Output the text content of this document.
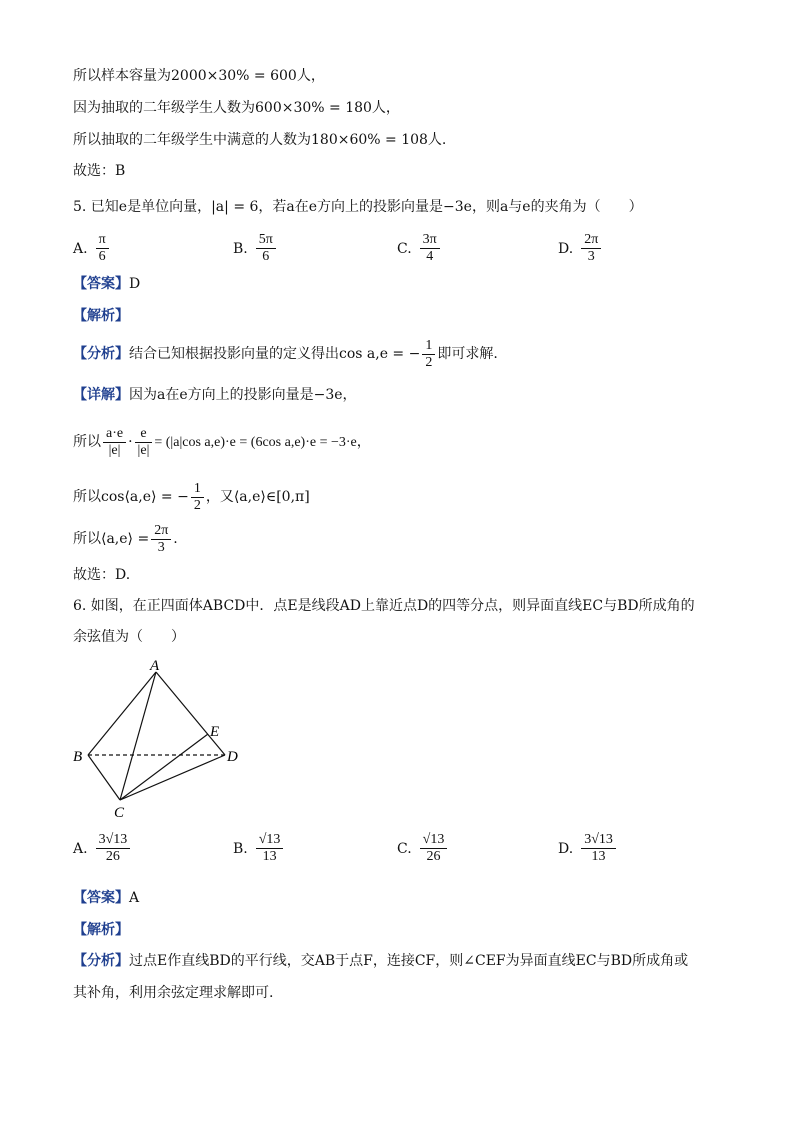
所以样本容量为2000×30% = 600人，
因为抽取的二年级学生人数为600×30% = 180人，
所以抽取的二年级学生中满意的人数为180×60% = 108人.
故选：B
5. 已知e是单位向量，|a| = 6，若a在e方向上的投影向量是−3e，则a与e的夹角为（　　）
A. $\frac{\pi}{6}$	B. $\frac{5\pi}{6}$	C. $\frac{3\pi}{4}$	D. $\frac{2\pi}{3}$
【答案】D
【解析】
【分析】结合已知根据投影向量的定义得出cos a,e = − $\frac{1}{2}$ 即可求解.
【详解】因为a在e方向上的投影向量是−3e，
所以 $\frac{a\cdot e}{|e|} \cdot \frac{e}{|e|} = (|a|\cos$ a,e)·e = (6cos a,e)·e = −3·e，
所以cos⟨a,e⟩ = − $\frac{1}{2}$ ，又⟨a,e⟩∈[0,π]
所以⟨a,e⟩ = $\frac{2\pi}{3}$ .
故选：D.
6. 如图，在正四面体ABCD中．点E是线段AD上靠近点D的四等分点，则异面直线EC与BD所成角的
余弦值为（　　）
A
B
C
D
E
A. $\frac{3√13}{26}$	B. $\frac{√13}{13}$	C. $\frac{√13}{26}$	D. $\frac{3√13}{13}$
【答案】A
【解析】
【分析】过点E作直线BD的平行线，交AB于点F，连接CF，则∠CEF为异面直线EC与BD所成角或
其补角，利用余弦定理求解即可.
